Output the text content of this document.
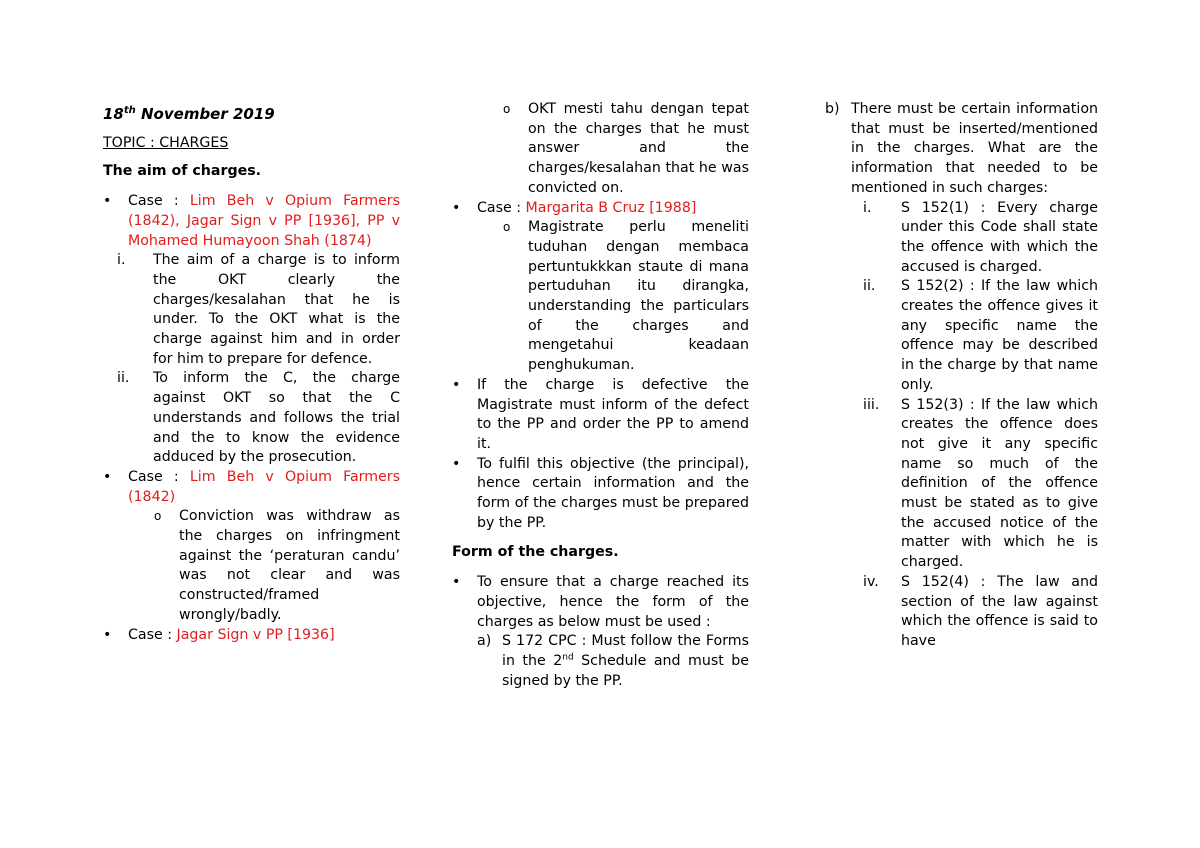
18th November 2019

TOPIC : CHARGES

The aim of charges.

• Case : Lim Beh v Opium Farmers (1842), Jagar Sign v PP [1936], PP v Mohamed Humayoon Shah (1874)
i. The aim of a charge is to inform the OKT clearly the charges/kesalahan that he is under. To the OKT what is the charge against him and in order for him to prepare for defence.
ii. To inform the C, the charge against OKT so that the C understands and follows the trial and the to know the evidence adduced by the prosecution.
• Case : Lim Beh v Opium Farmers (1842)
o Conviction was withdraw as the charges on infringment against the ‘peraturan candu’ was not clear and was constructed/framed wrongly/badly.
• Case : Jagar Sign v PP [1936]
o OKT mesti tahu dengan tepat on the charges that he must answer and the charges/kesalahan that he was convicted on.
• Case : Margarita B Cruz [1988]
o Magistrate perlu meneliti tuduhan dengan membaca pertuntukkkan staute di mana pertuduhan itu dirangka, understanding the particulars of the charges and mengetahui keadaan penghukuman.
• If the charge is defective the Magistrate must inform of the defect to the PP and order the PP to amend it.
• To fulfil this objective (the principal), hence certain information and the form of the charges must be prepared by the PP.

Form of the charges.

• To ensure that a charge reached its objective, hence the form of the charges as below must be used :
a) S 172 CPC : Must follow the Forms in the 2nd Schedule and must be signed by the PP.
b) There must be certain information that must be inserted/mentioned in the charges. What are the information that needed to be mentioned in such charges:
i. S 152(1) : Every charge under this Code shall state the offence with which the accused is charged.
ii. S 152(2) : If the law which creates the offence gives it any specific name the offence may be described in the charge by that name only.
iii. S 152(3) : If the law which creates the offence does not give it any specific name so much of the definition of the offence must be stated as to give the accused notice of the matter with which he is charged.
iv. S 152(4) : The law and section of the law against which the offence is said to have
